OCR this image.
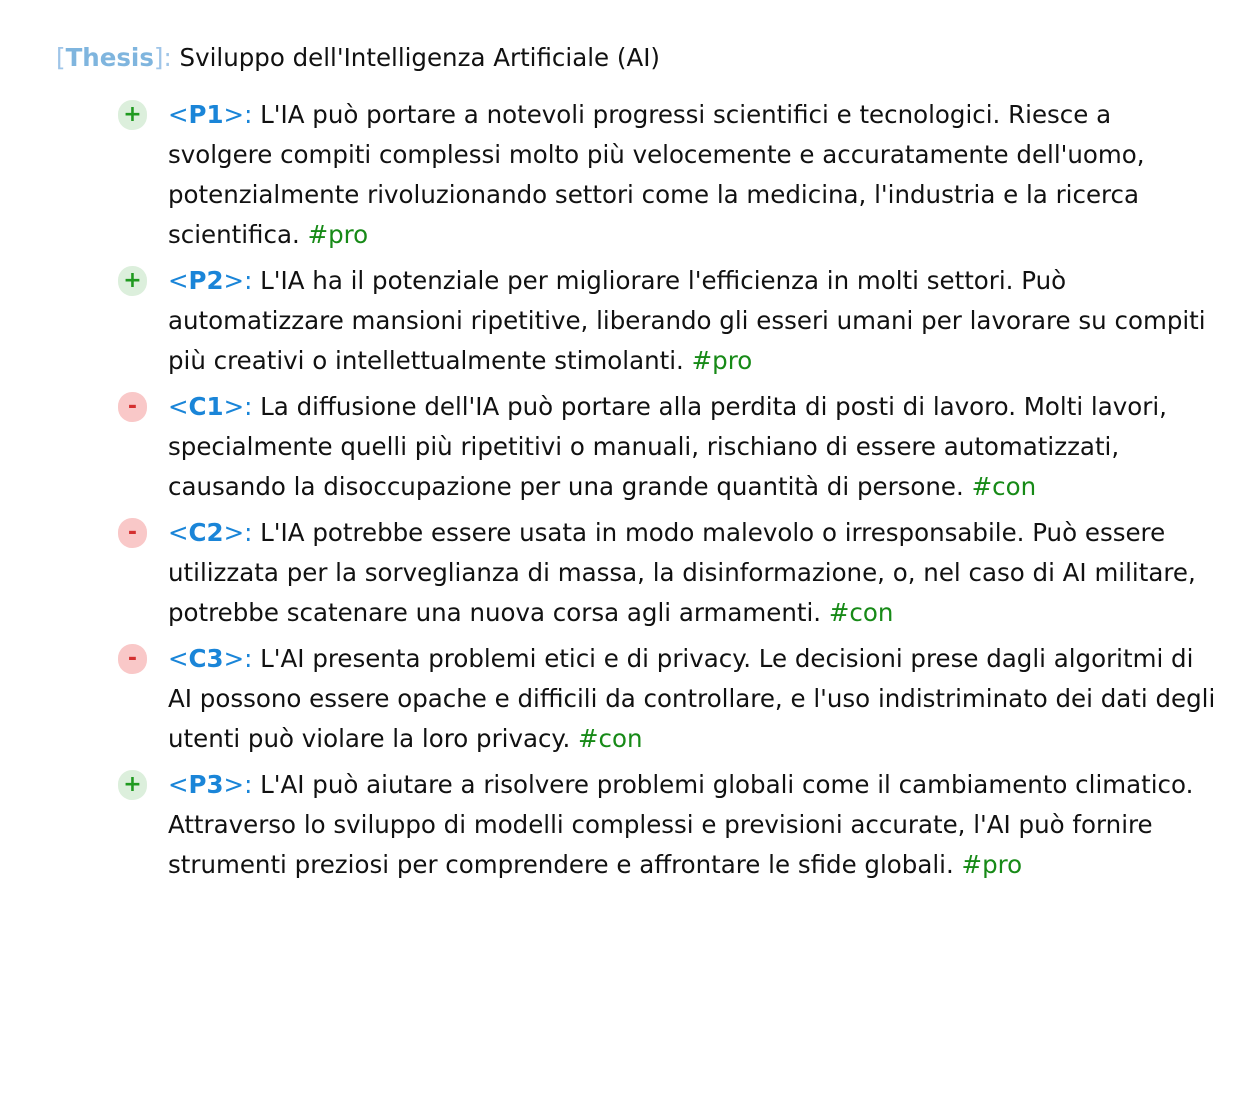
[Thesis]: Sviluppo dell'Intelligenza Artificiale (AI)
+ <P1>: L'IA può portare a notevoli progressi scientifici e tecnologici. Riesce a svolgere compiti complessi molto più velocemente e accuratamente dell'uomo, potenzialmente rivoluzionando settori come la medicina, l'industria e la ricerca scientifica. #pro
+ <P2>: L'IA ha il potenziale per migliorare l'efficienza in molti settori. Può automatizzare mansioni ripetitive, liberando gli esseri umani per lavorare su compiti più creativi o intellettualmente stimolanti. #pro
-	<C1>: La diffusione dell'IA può portare alla perdita di posti di lavoro. Molti lavori, specialmente quelli più ripetitivi o manuali, rischiano di essere automatizzati, causando la disoccupazione per una grande quantità di persone. #con
-	<C2>: L'IA potrebbe essere usata in modo malevolo o irresponsabile. Può essere utilizzata per la sorveglianza di massa, la disinformazione, o, nel caso di AI militare, potrebbe scatenare una nuova corsa agli armamenti. #con
-	<C3>: L'AI presenta problemi etici e di privacy. Le decisioni prese dagli algoritmi di AI possono essere opache e difficili da controllare, e l'uso indistriminato dei dati degli utenti può violare la loro privacy. #con
+ <P3>: L'AI può aiutare a risolvere problemi globali come il cambiamento climatico. Attraverso lo sviluppo di modelli complessi e previsioni accurate, l'AI può fornire strumenti preziosi per comprendere e affrontare le sfide globali. #pro
